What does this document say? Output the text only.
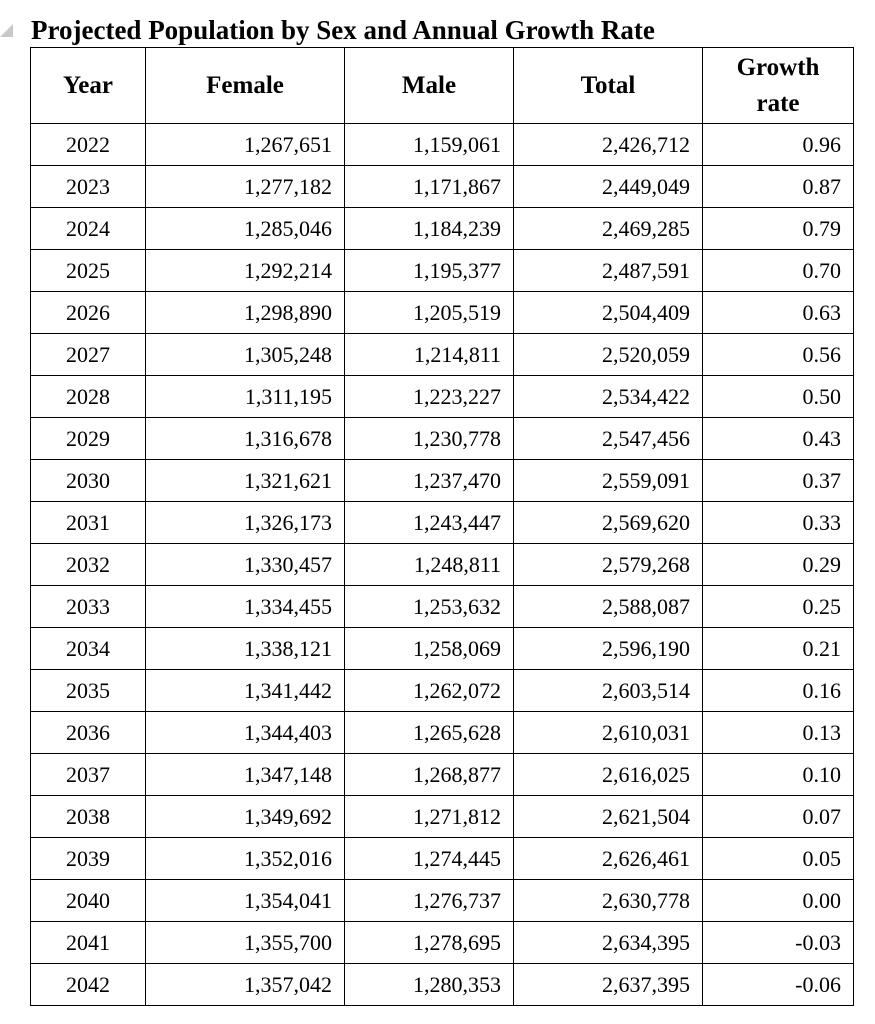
Projected Population by Sex and Annual Growth Rate
Year	Female	Male	Total	Growth rate
2022	1,267,651	1,159,061	2,426,712	0.96
2023	1,277,182	1,171,867	2,449,049	0.87
2024	1,285,046	1,184,239	2,469,285	0.79
2025	1,292,214	1,195,377	2,487,591	0.70
2026	1,298,890	1,205,519	2,504,409	0.63
2027	1,305,248	1,214,811	2,520,059	0.56
2028	1,311,195	1,223,227	2,534,422	0.50
2029	1,316,678	1,230,778	2,547,456	0.43
2030	1,321,621	1,237,470	2,559,091	0.37
2031	1,326,173	1,243,447	2,569,620	0.33
2032	1,330,457	1,248,811	2,579,268	0.29
2033	1,334,455	1,253,632	2,588,087	0.25
2034	1,338,121	1,258,069	2,596,190	0.21
2035	1,341,442	1,262,072	2,603,514	0.16
2036	1,344,403	1,265,628	2,610,031	0.13
2037	1,347,148	1,268,877	2,616,025	0.10
2038	1,349,692	1,271,812	2,621,504	0.07
2039	1,352,016	1,274,445	2,626,461	0.05
2040	1,354,041	1,276,737	2,630,778	0.00
2041	1,355,700	1,278,695	2,634,395	-0.03
2042	1,357,042	1,280,353	2,637,395	-0.06
